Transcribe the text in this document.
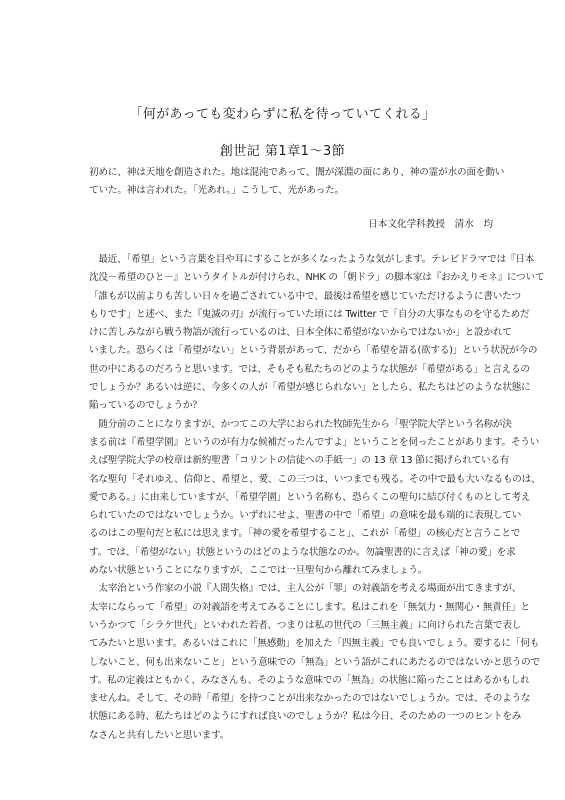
「何があっても変わらずに私を待っていてくれる」
創世記 第1章1〜3節
初めに、神は天地を創造された。地は混沌であって、闇が深淵の面にあり、神の霊が水の面を動い
ていた。神は言われた。「光あれ。」こうして、光があった。
日本文化学科教授　清水　均
　最近、「希望」という言葉を目や耳にすることが多くなったような気がします。テレビドラマでは『日本
沈没－希望のひと－』というタイトルが付けられ、NHK の「朝ドラ」の脚本家は『おかえりモネ』について
「誰もが以前よりも苦しい日々を過ごされている中で、最後は希望を感じていただけるように書いたつ
もりです」と述べ、また『鬼滅の刃』が流行っていた頃には Twitter で「自分の大事なものを守るためだ
けに苦しみながら戦う物語が流行っているのは、日本全体に希望がないからではないか」と設かれて
いました。恐らくは「希望がない」という背景があって、だから「希望を語る(欲する)」という状況が今の
世の中にあるのだろうと思います。では、そもそも私たちのどのような状態が「希望がある」と言えるの
でしょうか？あるいは逆に、今多くの人が「希望が感じられない」としたら、私たちはどのような状態に
陥っているのでしょうか？
　随分前のことになりますが、かつてこの大学におられた牧師先生から「聖学院大学という名称が決
まる前は『希望学園』というのが有力な候補だったんですよ」ということを伺ったことがあります。そうい
えば聖学院大学の校章は新約聖書「コリントの信徒への手紙一」の 13 章 13 節に掲げられている有
名な聖句「それゆえ、信仰と、希望と、愛、この三つは、いつまでも残る。その中で最も大いなるものは、
愛である。」に由来していますが、「希望学園」という名称も、恐らくこの聖句に結び付くものとして考え
られていたのではないでしょうか。いずれにせよ、聖書の中で「希望」の意味を最も端的に表現してい
るのはこの聖句だと私には思えます。「神の愛を希望すること」、これが「希望」の核心だと言うことで
す。では、「希望がない」状態というのはどのような状態なのか。勿論聖書的に言えば「神の愛」を求
めない状態ということになりますが、ここでは一旦聖句から離れてみましょう。
　太宰治という作家の小説『人間失格』では、主人公が「罪」の対義語を考える場面が出てきますが、
太宰にならって「希望」の対義語を考えてみることにします。私はこれを「無気力・無関心・無責任」と
いうかつて「シラケ世代」といわれた若者、つまりは私の世代の「三無主義」に向けられた言葉で表し
てみたいと思います。あるいはこれに「無感動」を加えた「四無主義」でも良いでしょう。要するに「何も
しないこと、何も出来ないこと」という意味での「無為」という語がこれにあたるのではないかと思うので
す。私の定義はともかく、みなさんも、そのような意味での「無為」の状態に陥ったことはあるかもしれ
ませんね。そして、その時「希望」を持つことが出来なかったのではないでしょうか。では、そのような
状態にある時、私たちはどのようにすれば良いのでしょうか？私は今日、そのための一つのヒントをみ
なさんと共有したいと思います。
